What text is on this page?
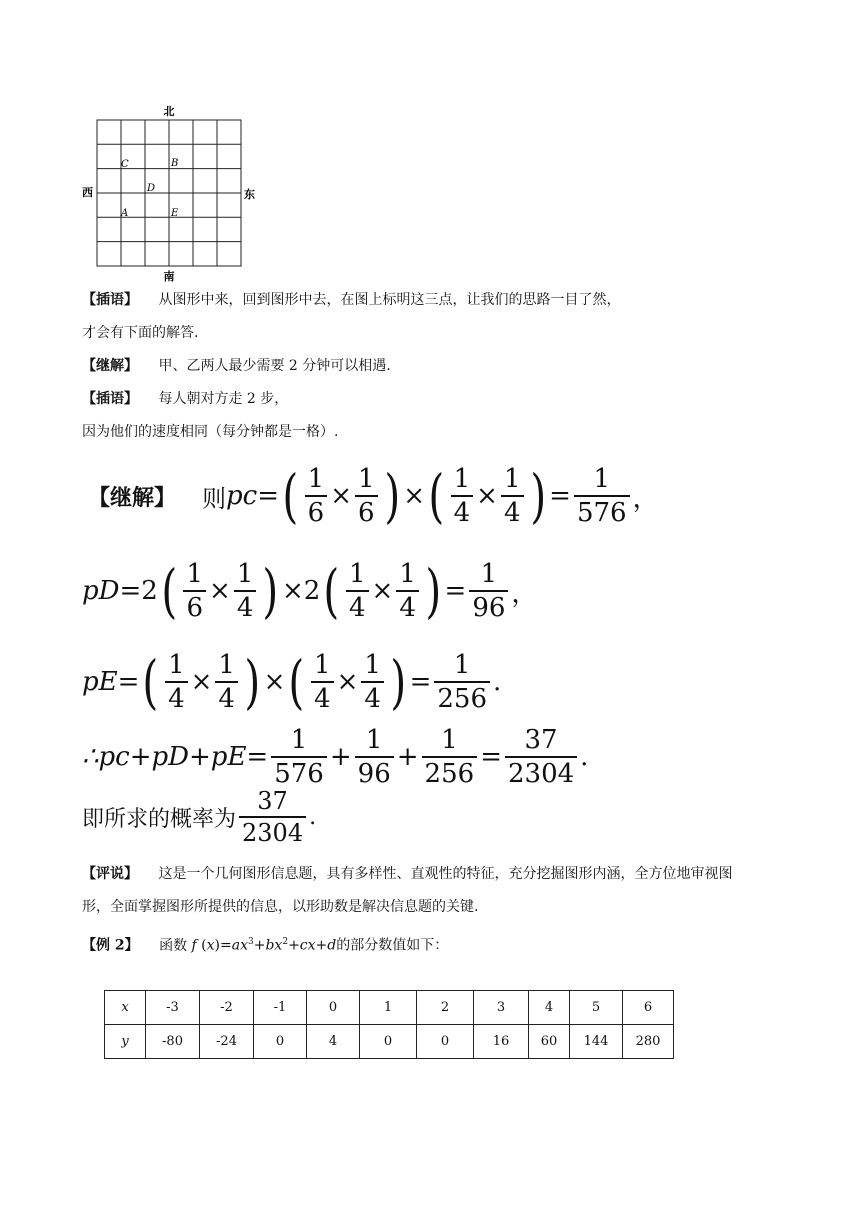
北
南
西	东
C	B
D
A	E
【插语】 从图形中来，回到图形中去，在图上标明这三点，让我们的思路一目了然，
才会有下面的解答.
【继解】 甲、乙两人最少需要 2 分钟可以相遇.
【插语】 每人朝对方走 2 步，
因为他们的速度相同（每分钟都是一格）.
【继解】 则 pc= ( $\frac{1}{6} \times \frac{1}{6}$ ) × ( $\frac{1}{4} \times \frac{1}{4}$ ) = $\frac{1}{576}$ ，
pD= 2 ( $\frac{1}{6} \times \frac{1}{4}$ ) × 2 ( $\frac{1}{4} \times \frac{1}{4}$ ) = $\frac{1}{96}$ ，
pE= ( $\frac{1}{4} \times \frac{1}{4}$ ) × ( $\frac{1}{4} \times \frac{1}{4}$ ) = $\frac{1}{256}$ .
∴pc+pD+pE= $\frac{1}{576} + \frac{1}{96} + \frac{1}{256} = \frac{37}{2304}$ .
即所求的概率为 $\frac{37}{2304}$ .
【评说】 这是一个几何图形信息题，具有多样性、直观性的特征，充分挖掘图形内涵，全方位地审视图
形，全面掌握图形所提供的信息，以形助数是解决信息题的关键.
【例 2】 函数 f $(x)=ax^3+bx^2+cx+d$的部分数值如下：
x	-3	-2	-1	0	1	2	3	4	5	6
y	-80	-24	0	4	0	0	16	60	144	280
